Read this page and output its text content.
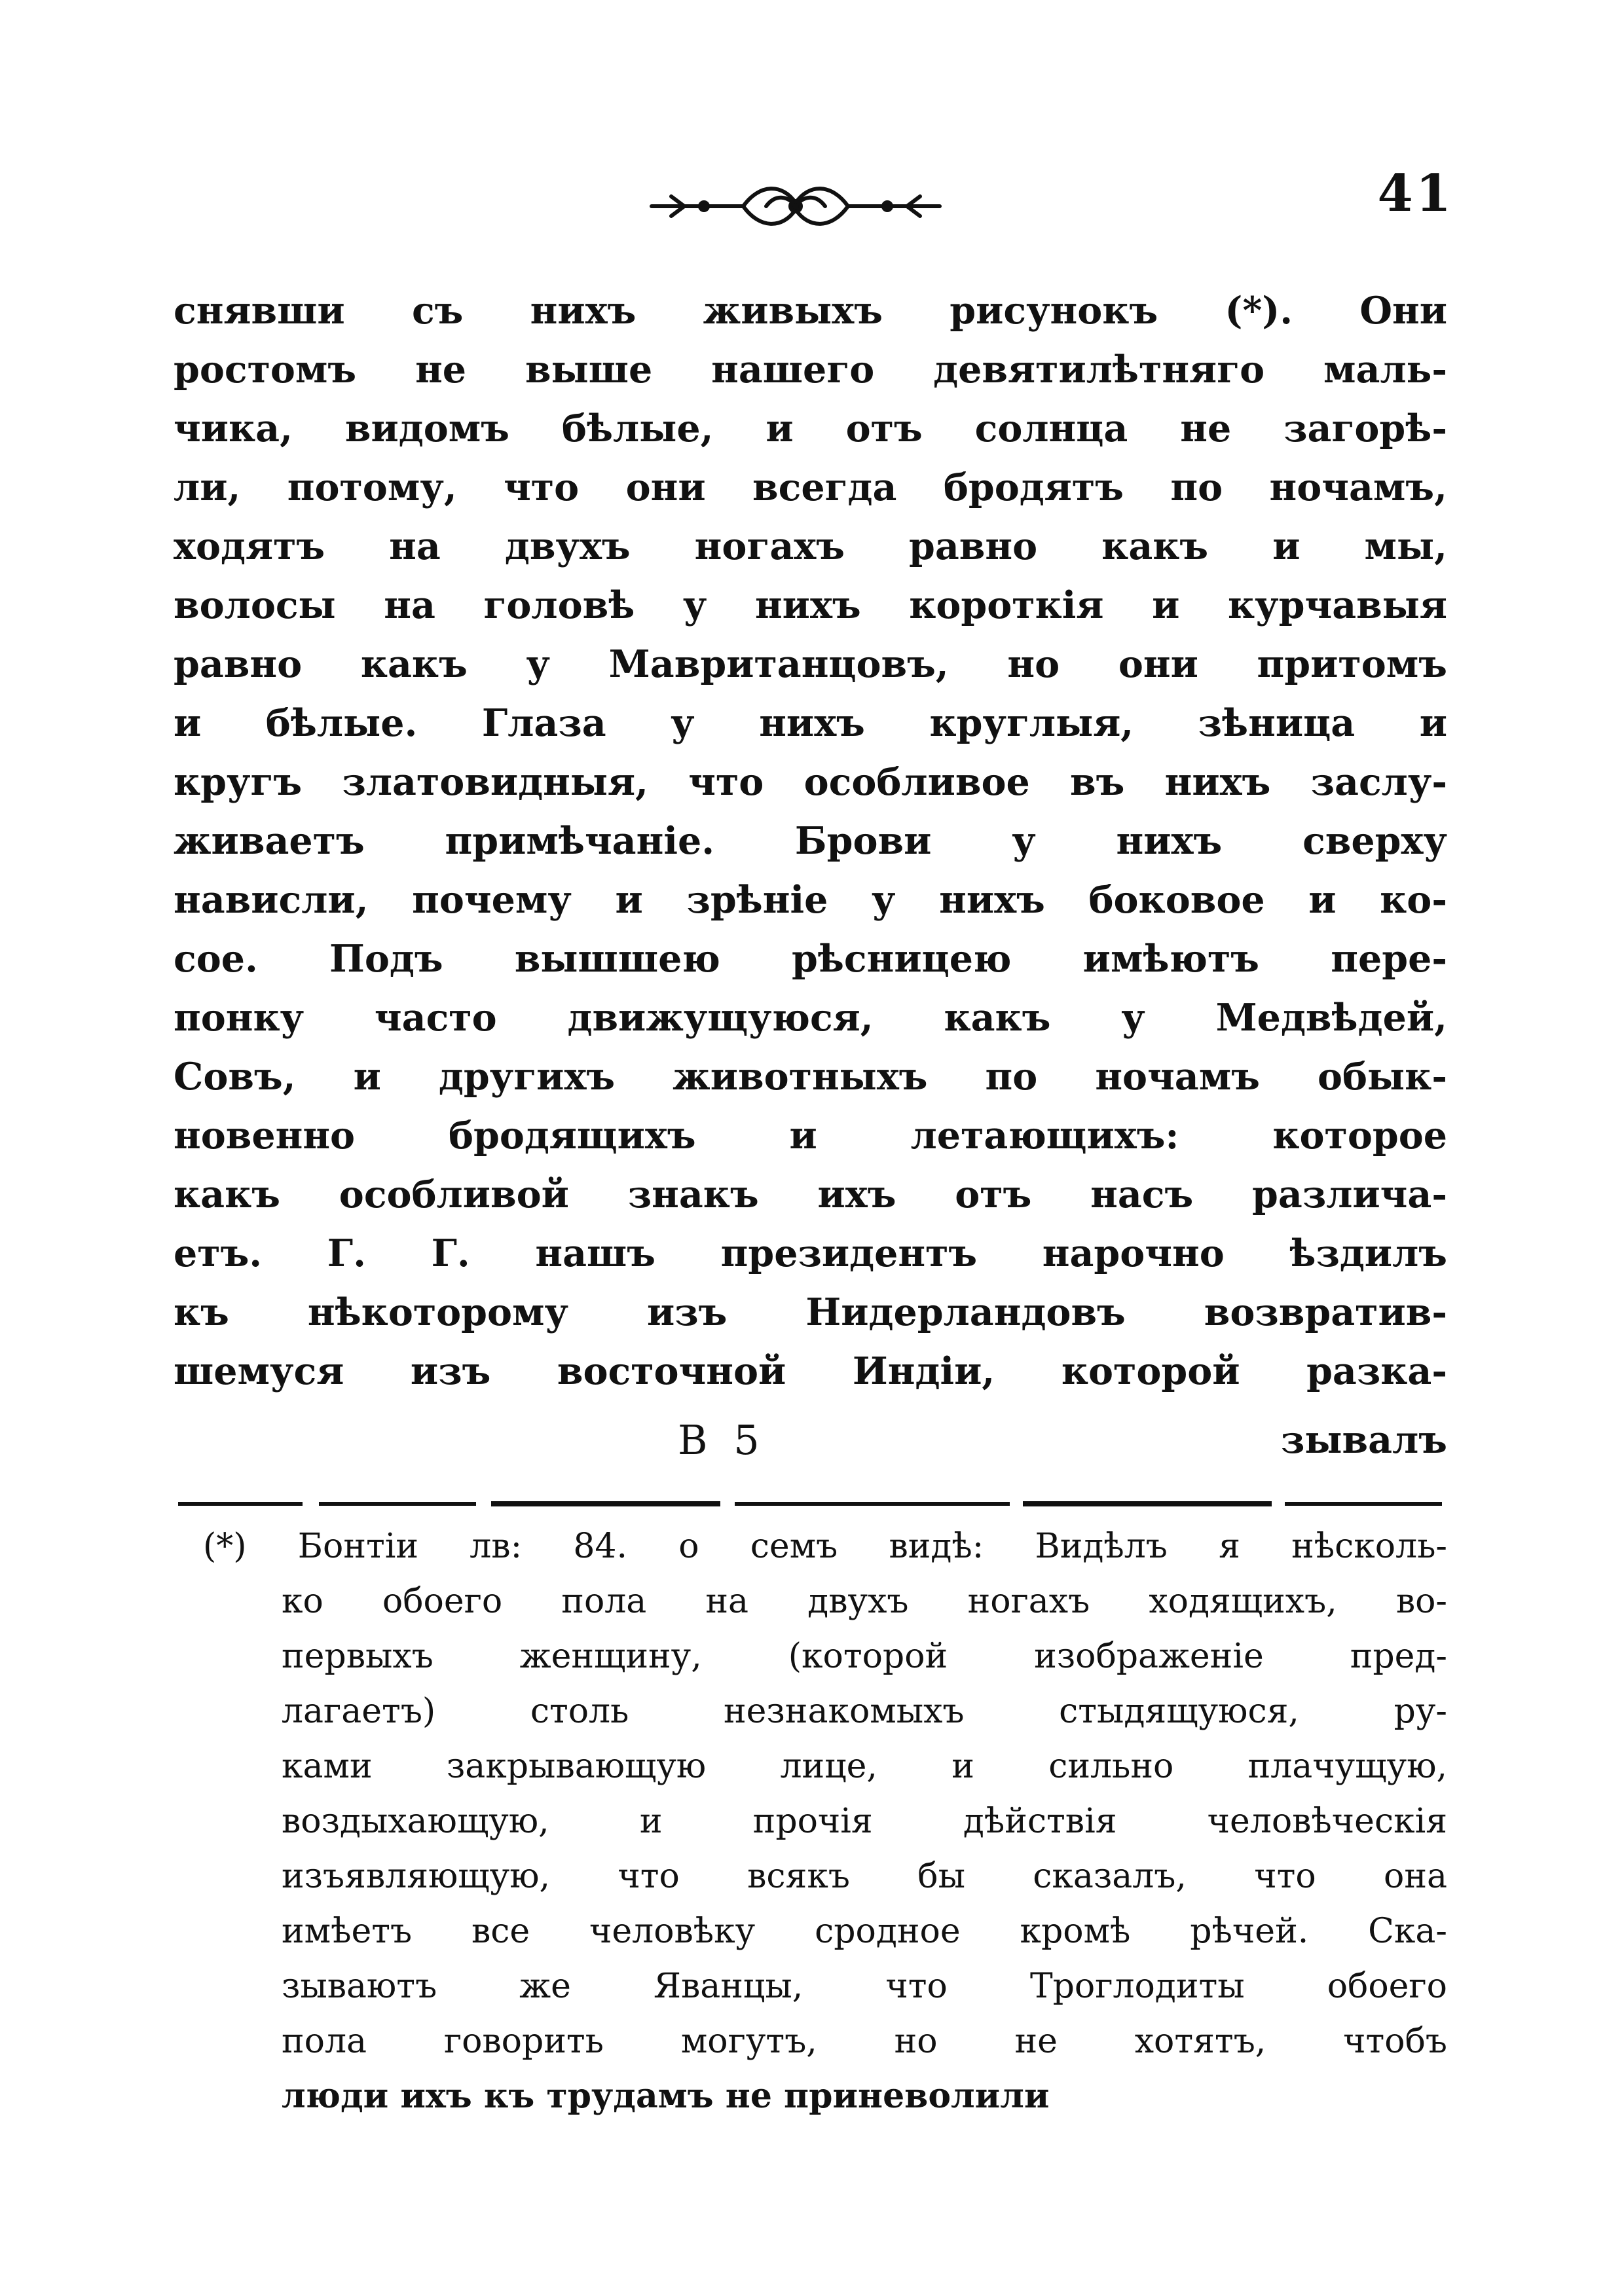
41
снявши съ нихъ живыхъ рисунокъ (*). Они
ростомъ не выше нашего девятилѣтняго маль-
чика, видомъ бѣлые, и отъ солнца не загорѣ-
ли, потому, что они всегда бродятъ по ночамъ,
ходятъ на двухъ ногахъ равно какъ и мы,
волосы на головѣ у нихъ короткія и курчавыя
равно какъ у Мавританцовъ, но они притомъ
и бѣлые. Глаза у нихъ круглыя, зѣница и
кругъ златовидныя, что особливое въ нихъ заслу-
живаетъ примѣчаніе. Брови у нихъ сверху
нависли, почему и зрѣніе у нихъ боковое и ко-
сое. Подъ вышшею рѣсницею имѣютъ пере-
понку часто движущуюся, какъ у Медвѣдей,
Совъ, и другихъ животныхъ по ночамъ обык-
новенно бродящихъ и летающихъ: которое
какъ особливой знакъ ихъ отъ насъ различа-
етъ. Г. Г. нашъ президентъ нарочно ѣздилъ
къ нѣкоторому изъ Нидерландовъ возвратив-
шемуся изъ восточной Индіи, которой разка-
В 5	зывалъ
(*) Бонтіи лв: 84. о семъ видѣ: Видѣлъ я нѣсколь-
ко обоего пола на двухъ ногахъ ходящихъ, во-
первыхъ женщину, (которой изображеніе пред-
лагаетъ) столь незнакомыхъ стыдящуюся, ру-
ками закрывающую лице, и сильно плачущую,
воздыхающую, и прочія дѣйствія человѣческія
изъявляющую, что всякъ бы сказалъ, что она
имѣетъ все человѣку сродное кромѣ рѣчей. Ска-
зываютъ же Яванцы, что Троглодиты обоего
пола говорить могутъ, но не хотятъ, чтобъ
люди ихъ къ трудамъ не приневолили
